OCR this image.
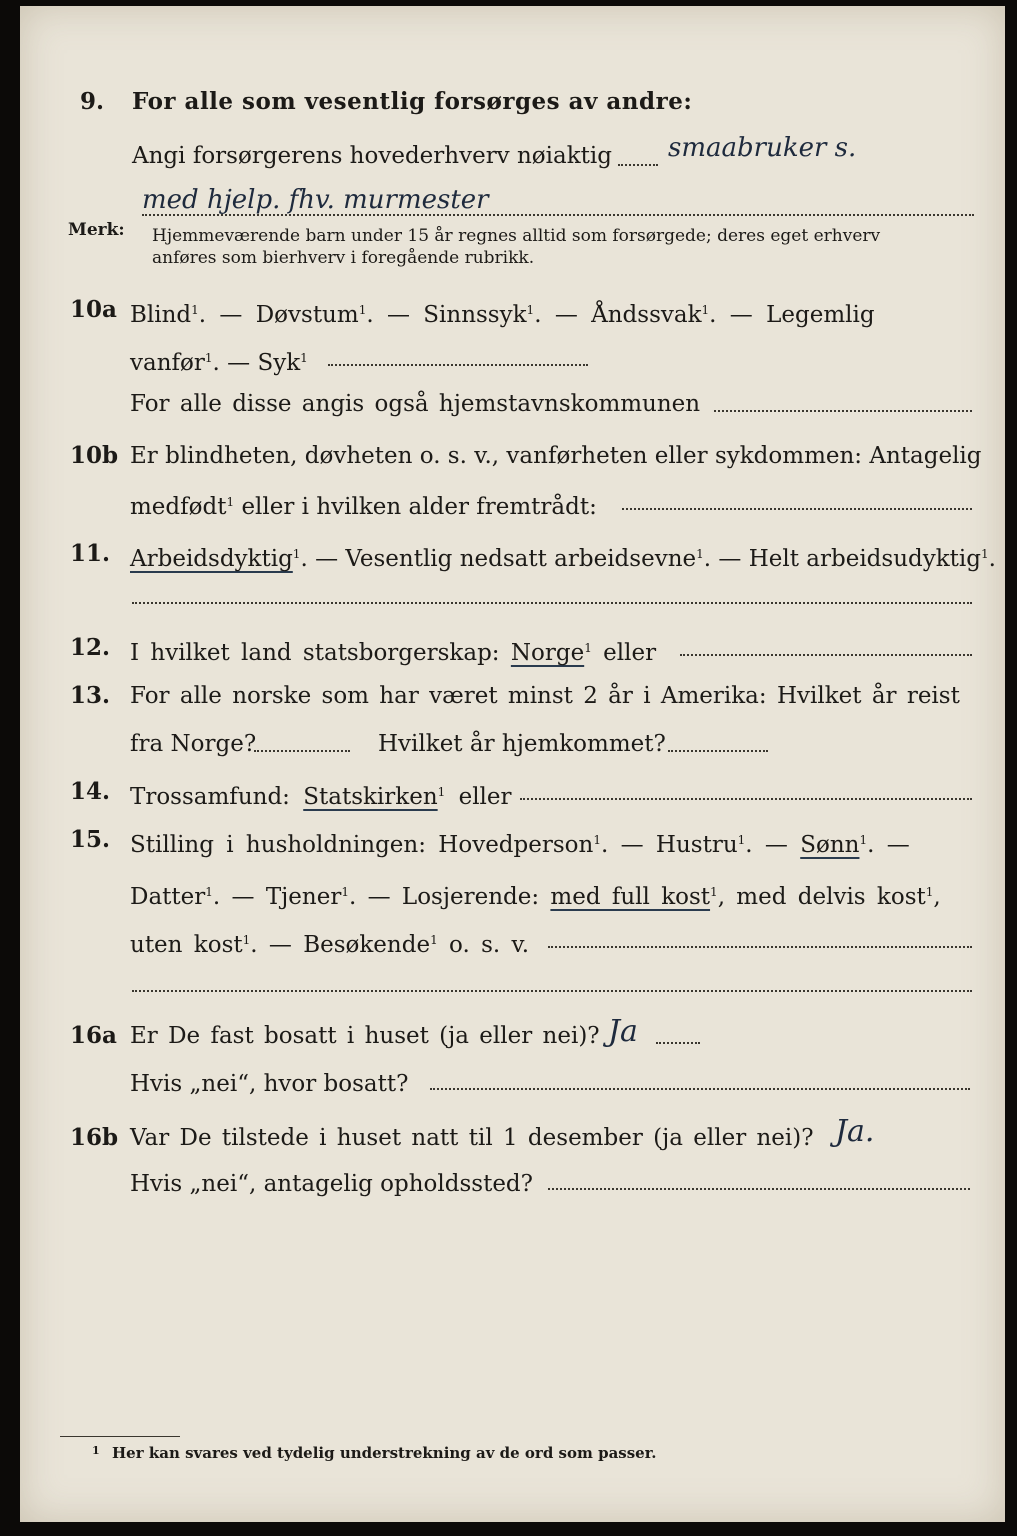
9. For alle som vesentlig forsørges av andre:
Angi forsørgerens hovederhverv nøiaktig smaabruker s.
med hjelp. fhv. murmester
Merk: Hjemmeværende barn under 15 år regnes alltid som forsørgede; deres eget erhverv
anføres som bierhverv i foregående rubrikk.
10a Blind$^1$. — Døvstum$^1$. — Sinnssyk$^1$. — Åndssvak$^1$. — Legemlig
vanfør$^1$. — Syk$^1$
For alle disse angis også hjemstavnskommunen
10b Er blindheten, døvheten o. s. v., vanførheten eller sykdommen: Antagelig
medfødt$^1$ eller i hvilken alder fremtrådt:
11. Arbeidsdyktig$^1$. — Vesentlig nedsatt arbeidsevne$^1$. — Helt arbeidsudyktig$^1$.
12. I hvilket land statsborgerskap: Norge$^1$ eller
13. For alle norske som har været minst 2 år i Amerika: Hvilket år reist
fra Norge?	Hvilket år hjemkommet?
14. Trossamfund: Statskirken$^1$ eller
15. Stilling i husholdningen: Hovedperson$^1$. — Hustru$^1$. — Sønn$^1$. —
Datter$^1$. — Tjener$^1$. — Losjerende: med full kost$^1$, med delvis kost$^1$,
uten kost$^1$. — Besøkende$^1$ o. s. v.
16a Er De fast bosatt i huset (ja eller nei)? Ja
Hvis „nei“, hvor bosatt?
16b Var De tilstede i huset natt til 1 desember (ja eller nei)? Ja.
Hvis „nei“, antagelig opholdssted?
1 Her kan svares ved tydelig understrekning av de ord som passer.
